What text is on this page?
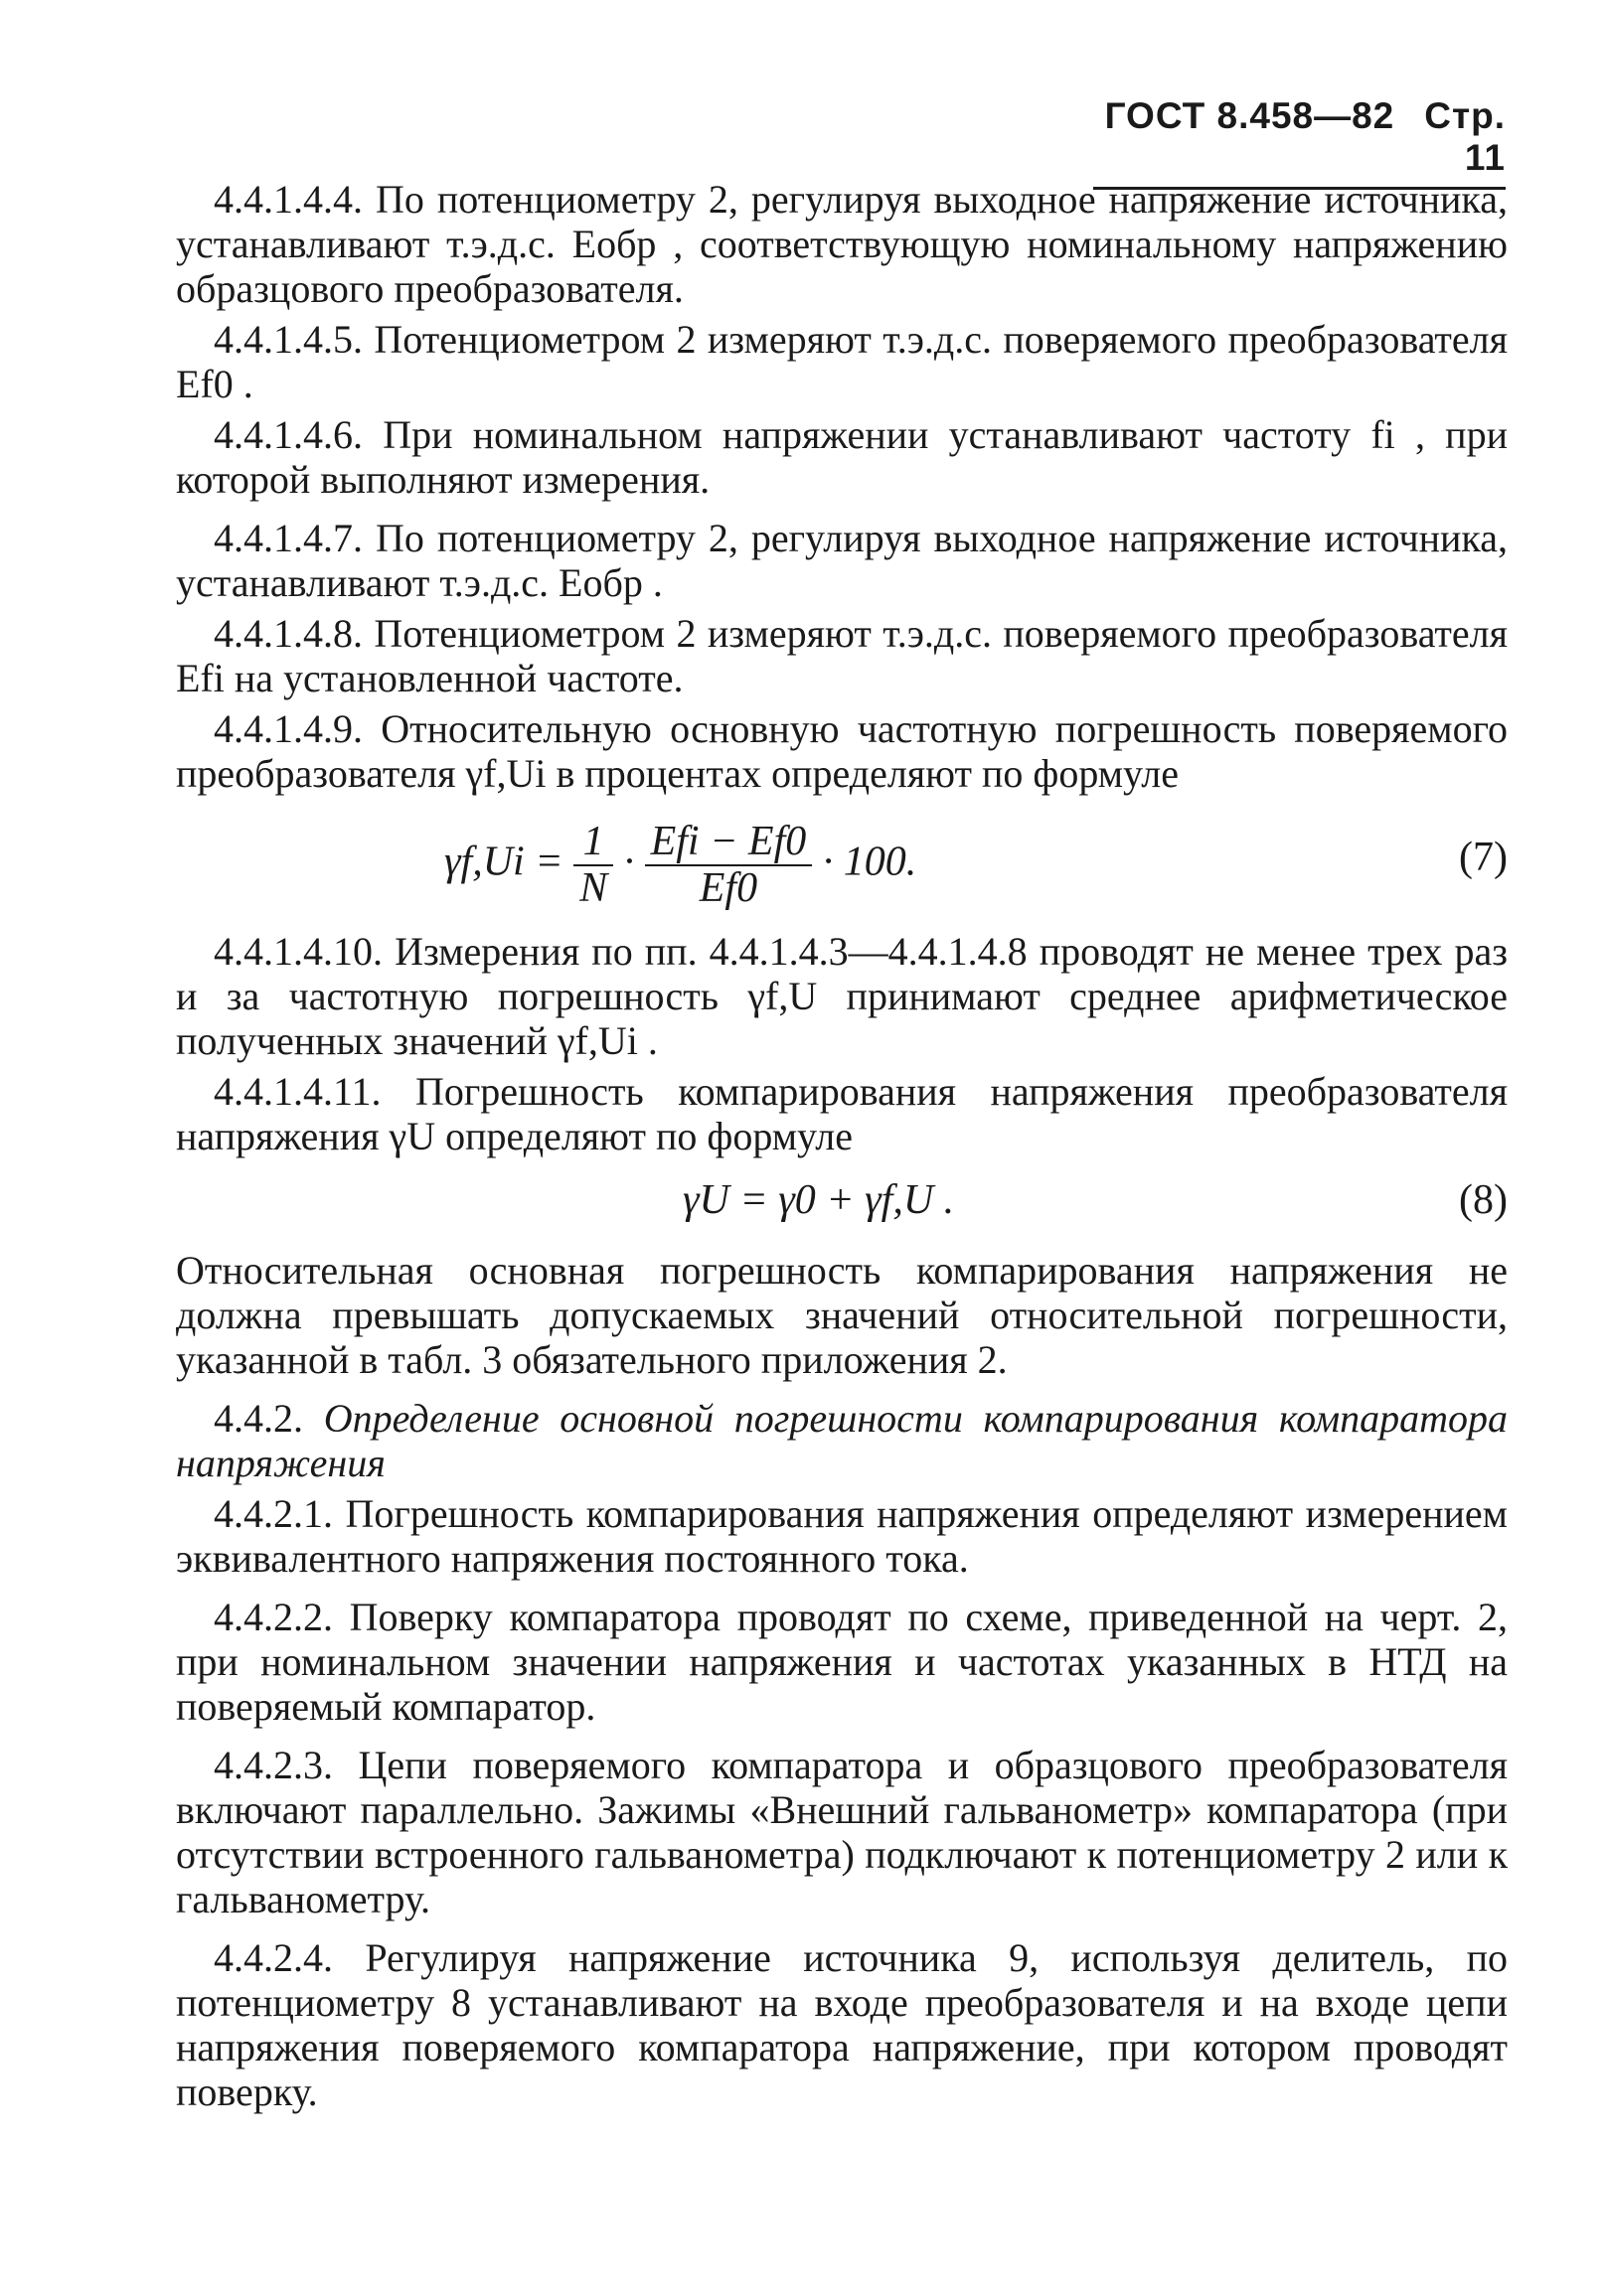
ГОСТ 8.458—82 Стр. 11

4.4.1.4.4. По потенциометру 2, регулируя выходное напряжение источника, устанавливают т.э.д.с. Eобр , соответствующую номинальному напряжению образцового преобразователя.

4.4.1.4.5. Потенциометром 2 измеряют т.э.д.с. поверяемого преобразователя Ef0 .

4.4.1.4.6. При номинальном напряжении устанавливают частоту fi , при которой выполняют измерения.

4.4.1.4.7. По потенциометру 2, регулируя выходное напряжение источника, устанавливают т.э.д.с. Eобр .

4.4.1.4.8. Потенциометром 2 измеряют т.э.д.с. поверяемого преобразователя Efi на установленной частоте.

4.4.1.4.9. Относительную основную частотную погрешность поверяемого преобразователя γf,Ui в процентах определяют по формуле

$\gamma f,Ui = \frac{1}{N} \cdot \frac{\text{Efi − Ef0}}{Ef0} \cdot 100$.	(7)

4.4.1.4.10. Измерения по пп. 4.4.1.4.3—4.4.1.4.8 проводят не менее трех раз и за частотную погрешность γf,U принимают среднее арифметическое полученных значений γf,Ui .

4.4.1.4.11. Погрешность компарирования напряжения преобразователя напряжения γU определяют по формуле

γU = γ0 + γf,U .	(8)

Относительная основная погрешность компарирования напряжения не должна превышать допускаемых значений относительной погрешности, указанной в табл. 3 обязательного приложения 2.

4.4.2. Определение основной погрешности компарирования компаратора напряжения

4.4.2.1. Погрешность компарирования напряжения определяют измерением эквивалентного напряжения постоянного тока.

4.4.2.2. Поверку компаратора проводят по схеме, приведенной на черт. 2, при номинальном значении напряжения и частотах указанных в НТД на поверяемый компаратор.

4.4.2.3. Цепи поверяемого компаратора и образцового преобразователя включают параллельно. Зажимы «Внешний гальванометр» компаратора (при отсутствии встроенного гальванометра) подключают к потенциометру 2 или к гальванометру.

4.4.2.4. Регулируя напряжение источника 9, используя делитель, по потенциометру 8 устанавливают на входе преобразователя и на входе цепи напряжения поверяемого компаратора напряжение, при котором проводят поверку.
